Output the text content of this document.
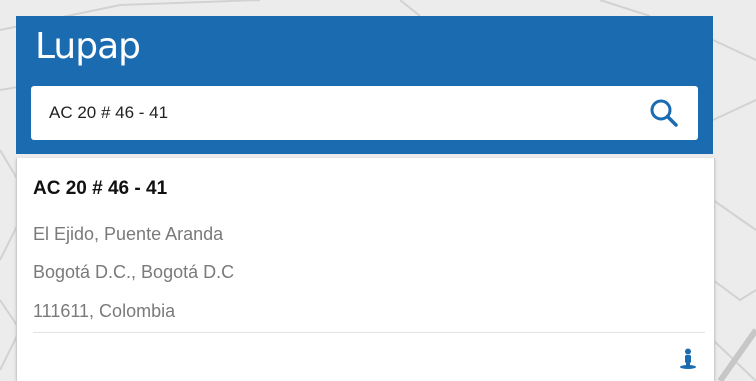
Lupap
AC 20 # 46 - 41
AC 20 # 46 - 41
El Ejido, Puente Aranda
Bogotá D.C., Bogotá D.C
111611, Colombia
